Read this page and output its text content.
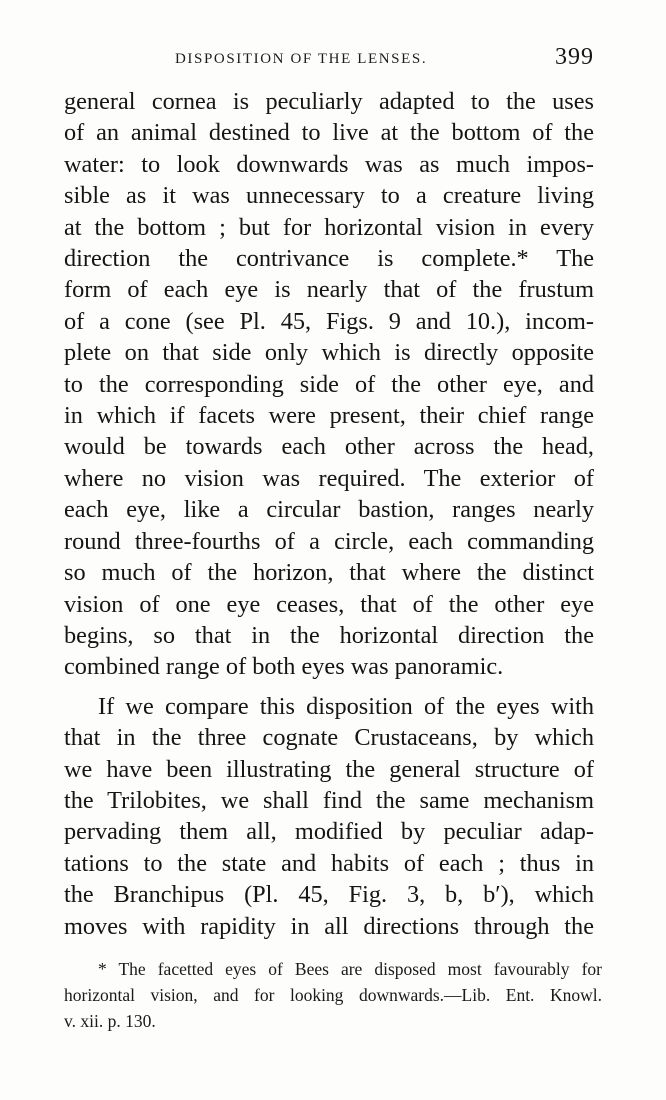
DISPOSITION OF THE LENSES.	399
general cornea is peculiarly adapted to the uses
of an animal destined to live at the bottom of the
water: to look downwards was as much impos-
sible as it was unnecessary to a creature living
at the bottom ; but for horizontal vision in every
direction the contrivance is complete.* The
form of each eye is nearly that of the frustum
of a cone (see Pl. 45, Figs. 9 and 10.), incom-
plete on that side only which is directly opposite
to the corresponding side of the other eye, and
in which if facets were present, their chief range
would be towards each other across the head,
where no vision was required. The exterior of
each eye, like a circular bastion, ranges nearly
round three-fourths of a circle, each commanding
so much of the horizon, that where the distinct
vision of one eye ceases, that of the other eye
begins, so that in the horizontal direction the
combined range of both eyes was panoramic.
If we compare this disposition of the eyes with
that in the three cognate Crustaceans, by which
we have been illustrating the general structure of
the Trilobites, we shall find the same mechanism
pervading them all, modified by peculiar adap-
tations to the state and habits of each ; thus in
the Branchipus (Pl. 45, Fig. 3, b, b′), which
moves with rapidity in all directions through the
* The facetted eyes of Bees are disposed most favourably for
horizontal vision, and for looking downwards.—Lib. Ent. Knowl.
v. xii. p. 130.
